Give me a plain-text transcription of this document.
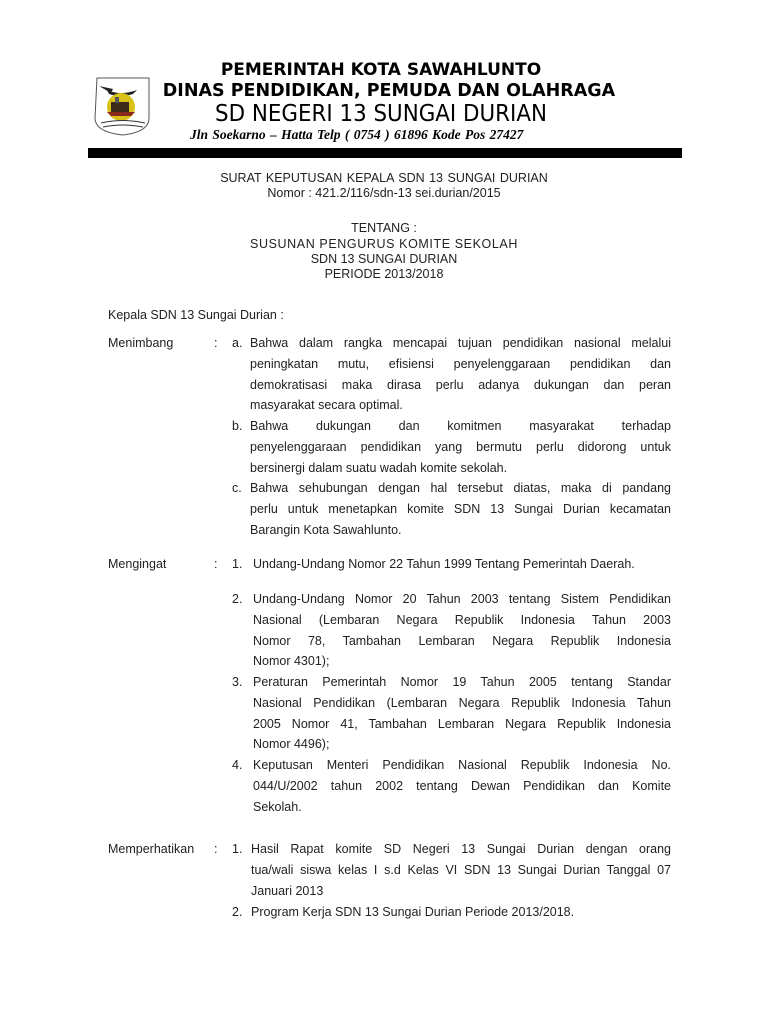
PEMERINTAH KOTA SAWAHLUNTO
DINAS PENDIDIKAN, PEMUDA DAN OLAHRAGA
SD NEGERI 13 SUNGAI DURIAN
Jln Soekarno – Hatta Telp ( 0754 ) 61896 Kode Pos 27427
SURAT KEPUTUSAN KEPALA SDN 13 SUNGAI DURIAN
Nomor : 421.2/116/sdn-13 sei.durian/2015
TENTANG :
SUSUNAN PENGURUS KOMITE SEKOLAH
SDN 13 SUNGAI DURIAN
PERIODE 2013/2018
Kepala SDN 13 Sungai Durian :
Menimbang	: a. Bahwa dalam rangka mencapai tujuan pendidikan nasional melalui
peningkatan mutu, efisiensi penyelenggaraan pendidikan dan
demokratisasi maka dirasa perlu adanya dukungan dan peran
masyarakat secara optimal.
b. Bahwa dukungan dan komitmen masyarakat terhadap
penyelenggaraan pendidikan yang bermutu perlu didorong untuk
bersinergi dalam suatu wadah komite sekolah.
c. Bahwa sehubungan dengan hal tersebut diatas, maka di pandang
perlu untuk menetapkan komite SDN 13 Sungai Durian kecamatan
Barangin Kota Sawahlunto.
Mengingat	: 1. Undang-Undang Nomor 22 Tahun 1999 Tentang Pemerintah Daerah.
2. Undang-Undang Nomor 20 Tahun 2003 tentang Sistem Pendidikan
Nasional (Lembaran Negara Republik Indonesia Tahun 2003
Nomor 78, Tambahan Lembaran Negara Republik Indonesia
Nomor 4301);
3. Peraturan Pemerintah Nomor 19 Tahun 2005 tentang Standar
Nasional Pendidikan (Lembaran Negara Republik Indonesia Tahun
2005 Nomor 41, Tambahan Lembaran Negara Republik Indonesia
Nomor 4496);
4. Keputusan Menteri Pendidikan Nasional Republik Indonesia No.
044/U/2002 tahun 2002 tentang Dewan Pendidikan dan Komite
Sekolah.
Memperhatikan : 1. Hasil Rapat komite SD Negeri 13 Sungai Durian dengan orang
tua/wali siswa kelas I s.d Kelas VI SDN 13 Sungai Durian Tanggal 07
Januari 2013
2. Program Kerja SDN 13 Sungai Durian Periode 2013/2018.
